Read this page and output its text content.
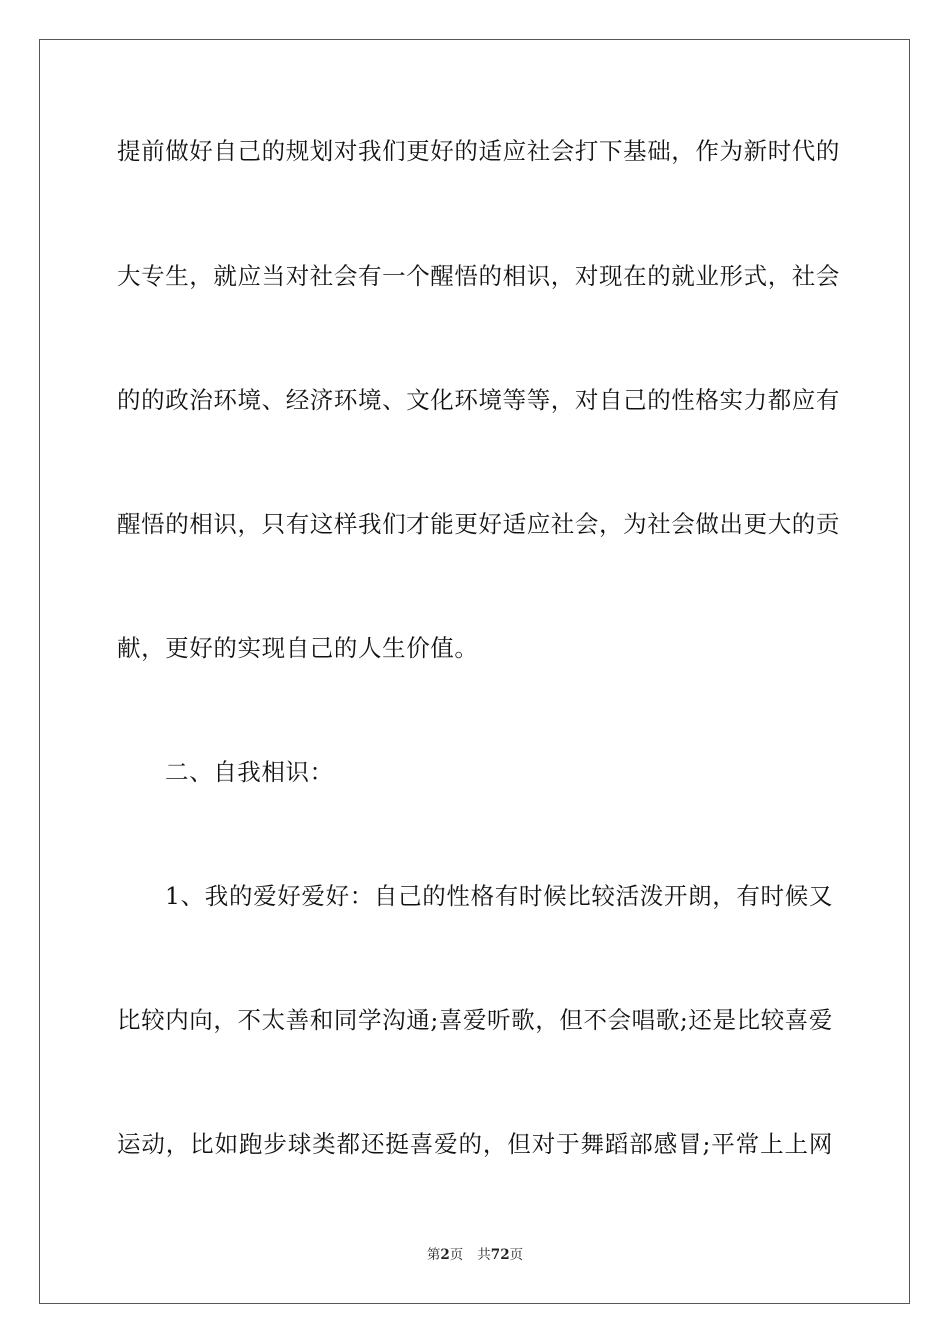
提前做好自己的规划对我们更好的适应社会打下基础，作为新时代的
大专生，就应当对社会有一个醒悟的相识，对现在的就业形式，社会
的的政治环境、经济环境、文化环境等等，对自己的性格实力都应有
醒悟的相识，只有这样我们才能更好适应社会，为社会做出更大的贡
献，更好的实现自己的人生价值。
二、自我相识：
1、我的爱好爱好：自己的性格有时候比较活泼开朗，有时候又
比较内向，不太善和同学沟通;喜爱听歌，但不会唱歌;还是比较喜爱
运动，比如跑步球类都还挺喜爱的，但对于舞蹈部感冒;平常上上网
第2页 共72页
